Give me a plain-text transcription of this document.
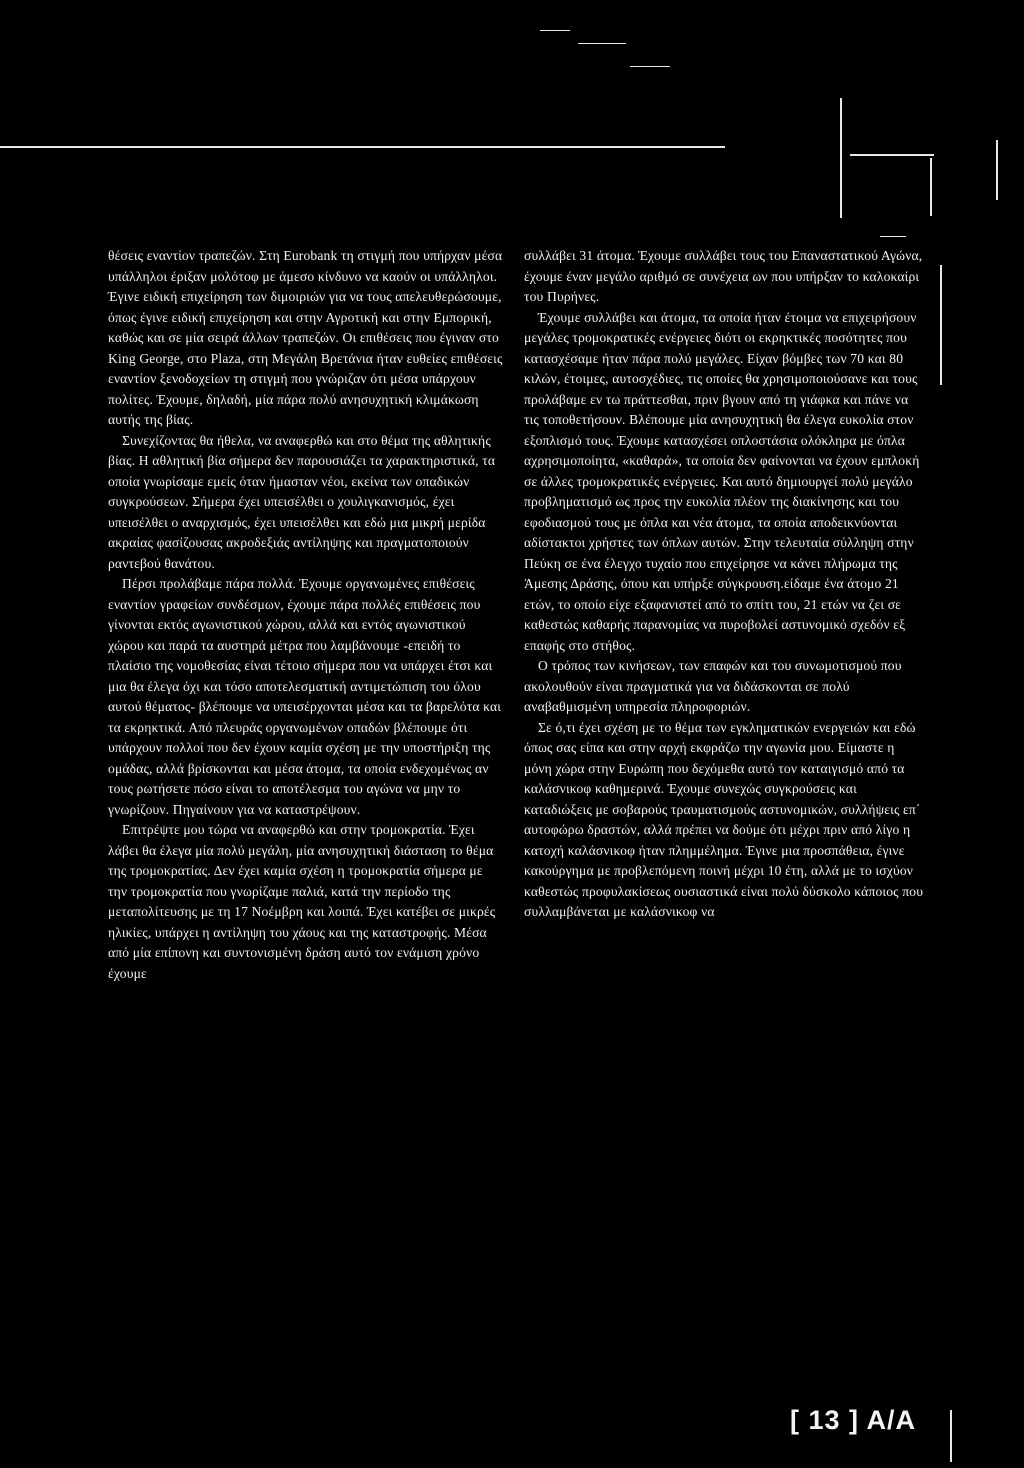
θέσεις εναντίον τραπεζών. Στη Eurobank τη στιγμή που υπήρχαν μέσα υπάλληλοι έριξαν μολότοφ με άμεσο κίνδυνο να καούν οι υπάλληλοι. Έγινε ειδική επιχείρηση των διμοιριών για να τους απελευθερώσουμε, όπως έγινε ειδική επιχείρηση και στην Αγροτική και στην Εμπορική, καθώς και σε μία σειρά άλλων τραπεζών. Οι επιθέσεις που έγιναν στο King George, στο Plaza, στη Μεγάλη Βρετάνια ήταν ευθείες επιθέσεις εναντίον ξενοδοχείων τη στιγμή που γνώριζαν ότι μέσα υπάρχουν πολίτες. Έχουμε, δηλαδή, μία πάρα πολύ ανησυχητική κλιμάκωση αυτής της βίας.

Συνεχίζοντας θα ήθελα, να αναφερθώ και στο θέμα της αθλητικής βίας. Η αθλητική βία σήμερα δεν παρουσιάζει τα χαρακτηριστικά, τα οποία γνωρίσαμε εμείς όταν ήμασταν νέοι, εκείνα των οπαδικών συγκρούσεων. Σήμερα έχει υπεισέλθει ο χουλιγκανισμός, έχει υπεισέλθει ο αναρχισμός, έχει υπεισέλθει και εδώ μια μικρή μερίδα ακραίας φασίζουσας ακροδεξιάς αντίληψης και πραγματοποιούν ραντεβού θανάτου.

Πέρσι προλάβαμε πάρα πολλά. Έχουμε οργανωμένες επιθέσεις εναντίον γραφείων συνδέσμων, έχουμε πάρα πολλές επιθέσεις που γίνονται εκτός αγωνιστικού χώρου, αλλά και εντός αγωνιστικού χώρου και παρά τα αυστηρά μέτρα που λαμβάνουμε -επειδή το πλαίσιο της νομοθεσίας είναι τέτοιο σήμερα που να υπάρχει έτσι και μια θα έλεγα όχι και τόσο αποτελεσματική αντιμετώπιση του όλου αυτού θέματος- βλέπουμε να υπεισέρχονται μέσα και τα βαρελότα και τα εκρηκτικά. Από πλευράς οργανωμένων οπαδών βλέπουμε ότι υπάρχουν πολλοί που δεν έχουν καμία σχέση με την υποστήριξη της ομάδας, αλλά βρίσκονται και μέσα άτομα, τα οποία ενδεχομένως αν τους ρωτήσετε πόσο είναι το αποτέλεσμα του αγώνα να μην το γνωρίζουν. Πηγαίνουν για να καταστρέψουν.

Επιτρέψτε μου τώρα να αναφερθώ και στην τρομοκρατία. Έχει λάβει θα έλεγα μία πολύ μεγάλη, μία ανησυχητική διάσταση το θέμα της τρομοκρατίας. Δεν έχει καμία σχέση η τρομοκρατία σήμερα με την τρομοκρατία που γνωρίζαμε παλιά, κατά την περίοδο της μεταπολίτευσης με τη 17 Νοέμβρη και λοιπά. Έχει κατέβει σε μικρές ηλικίες, υπάρχει η αντίληψη του χάους και της καταστροφής. Μέσα από μία επίπονη και συντονισμένη δράση αυτό τον ενάμιση χρόνο έχουμε

συλλάβει 31 άτομα. Έχουμε συλλάβει τους του Επαναστατικού Αγώνα, έχουμε έναν μεγάλο αριθμό σε συνέχεια ων που υπήρξαν το καλοκαίρι του Πυρήνες.

Έχουμε συλλάβει και άτομα, τα οποία ήταν έτοιμα να επιχειρήσουν μεγάλες τρομοκρατικές ενέργειες διότι οι εκρηκτικές ποσότητες που κατασχέσαμε ήταν πάρα πολύ μεγάλες. Είχαν βόμβες των 70 και 80 κιλών, έτοιμες, αυτοσχέδιες, τις οποίες θα χρησιμοποιούσανε και τους προλάβαμε εν τω πράττεσθαι, πριν βγουν από τη γιάφκα και πάνε να τις τοποθετήσουν. Βλέπουμε μία ανησυχητική θα έλεγα ευκολία στον εξοπλισμό τους. Έχουμε κατασχέσει οπλοστάσια ολόκληρα με όπλα αχρησιμοποίητα, «καθαρά», τα οποία δεν φαίνονται να έχουν εμπλοκή σε άλλες τρομοκρατικές ενέργειες. Και αυτό δημιουργεί πολύ μεγάλο προβληματισμό ως προς την ευκολία πλέον της διακίνησης και του εφοδιασμού τους με όπλα και νέα άτομα, τα οποία αποδεικνύονται αδίστακτοι χρήστες των όπλων αυτών. Στην τελευταία σύλληψη στην Πεύκη σε ένα έλεγχο τυχαίο που επιχείρησε να κάνει πλήρωμα της Άμεσης Δράσης, όπου και υπήρξε σύγκρουση.είδαμε ένα άτομο 21 ετών, το οποίο είχε εξαφανιστεί από το σπίτι του, 21 ετών να ζει σε καθεστώς καθαρής παρανομίας να πυροβολεί αστυνομικό σχεδόν εξ επαφής στο στήθος.

Ο τρόπος των κινήσεων, των επαφών και του συνωμοτισμού που ακολουθούν είναι πραγματικά για να διδάσκονται σε πολύ αναβαθμισμένη υπηρεσία πληροφοριών.

Σε ό,τι έχει σχέση με το θέμα των εγκληματικών ενεργειών και εδώ όπως σας είπα και στην αρχή εκφράζω την αγωνία μου. Είμαστε η μόνη χώρα στην Ευρώπη που δεχόμεθα αυτό τον καταιγισμό από τα καλάσνικοφ καθημερινά. Έχουμε συνεχώς συγκρούσεις και καταδιώξεις με σοβαρούς τραυματισμούς αστυνομικών, συλλήψεις επ΄ αυτοφώρω δραστών, αλλά πρέπει να δούμε ότι μέχρι πριν από λίγο η κατοχή καλάσνικοφ ήταν πλημμέλημα. Έγινε μια προσπάθεια, έγινε κακούργημα με προβλεπόμενη ποινή μέχρι 10 έτη, αλλά με το ισχύον καθεστώς προφυλακίσεως ουσιαστικά είναι πολύ δύσκολο κάποιος που συλλαμβάνεται με καλάσνικοφ να

[ 13 ] Α/Α
